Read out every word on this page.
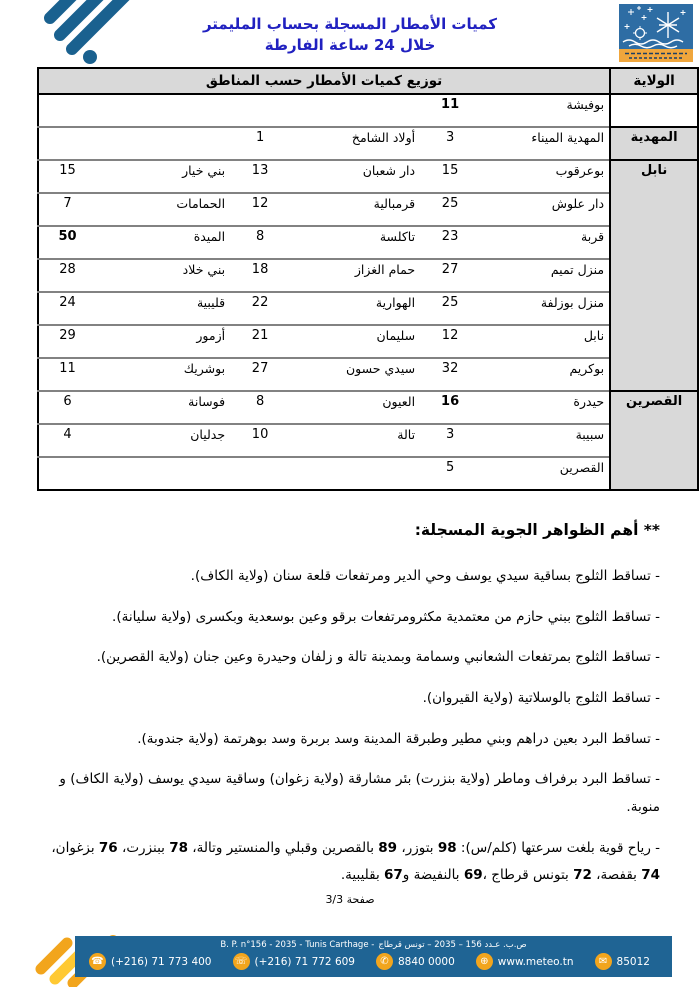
كميات الأمطار المسجلة بحساب المليمتر
خلال 24 ساعة الفارطة
الولاية	توزيع كميات الأمطار حسب المناطق					
	بوفيشة	11				
المهدية	المهدية الميناء	3	أولاد الشامخ	1		
نابل	بوعرقوب	15	دار شعبان	13	بني خيار	15
	دار علوش	25	قرمبالية	12	الحمامات	7
	قربة	23	تاكلسة	8	الميدة	50
	منزل تميم	27	حمام الغزاز	18	بني خلاد	28
	منزل بوزلفة	25	الهوارية	22	قليبية	24
	نابل	12	سليمان	21	أزمور	29
	بوكريم	32	سيدي حسون	27	بوشريك	11
القصرين	حيدرة	16	العيون	8	فوسانة	6
	سبيبة	3	تالة	10	جدليان	4
	القصرين	5				
** أهم الظواهر الجوية المسجلة:

- تساقط الثلوج بساقية سيدي يوسف وحي الدير ومرتفعات قلعة سنان (ولاية الكاف).

- تساقط الثلوج ببني حازم من معتمدية مكثرومرتفعات برقو وعين بوسعدية وبكسرى (ولاية سليانة).

- تساقط الثلوج بمرتفعات الشعانبي وسمامة وبمدينة تالة و زلفان وحيدرة وعين جنان (ولاية القصرين).

- تساقط الثلوج بالوسلاتية (ولاية القيروان).

- تساقط البرد بعين دراهم وبني مطير وطبرقة المدينة وسد بربرة وسد بوهرتمة (ولاية جندوبة).

- تساقط البرد برفراف وماطر (ولاية بنزرت) بئر مشارقة (ولاية زغوان) وساقية سيدي يوسف (ولاية الكاف) و منوبة.

- رياح قوية بلغت سرعتها (كلم/س): 98 بتوزر، 89 بالقصرين وقبلي والمنستير وتالة، 78 ببنزرت، 76 بزغوان، 74 بقفصة، 72 بتونس قرطاج ،69 بالنفيضة و67 بقليبية.

صفحة 3/3
B. P. n°156 - 2035 - Tunis Carthage - ص.ب. عـدد 156 – 2035 – تونس قرطاج
☎ (+216) 71 773 400 ☏ (+216) 71 772 609	✆ 8840 0000	⊕ www.meteo.tn	✉ 85012
